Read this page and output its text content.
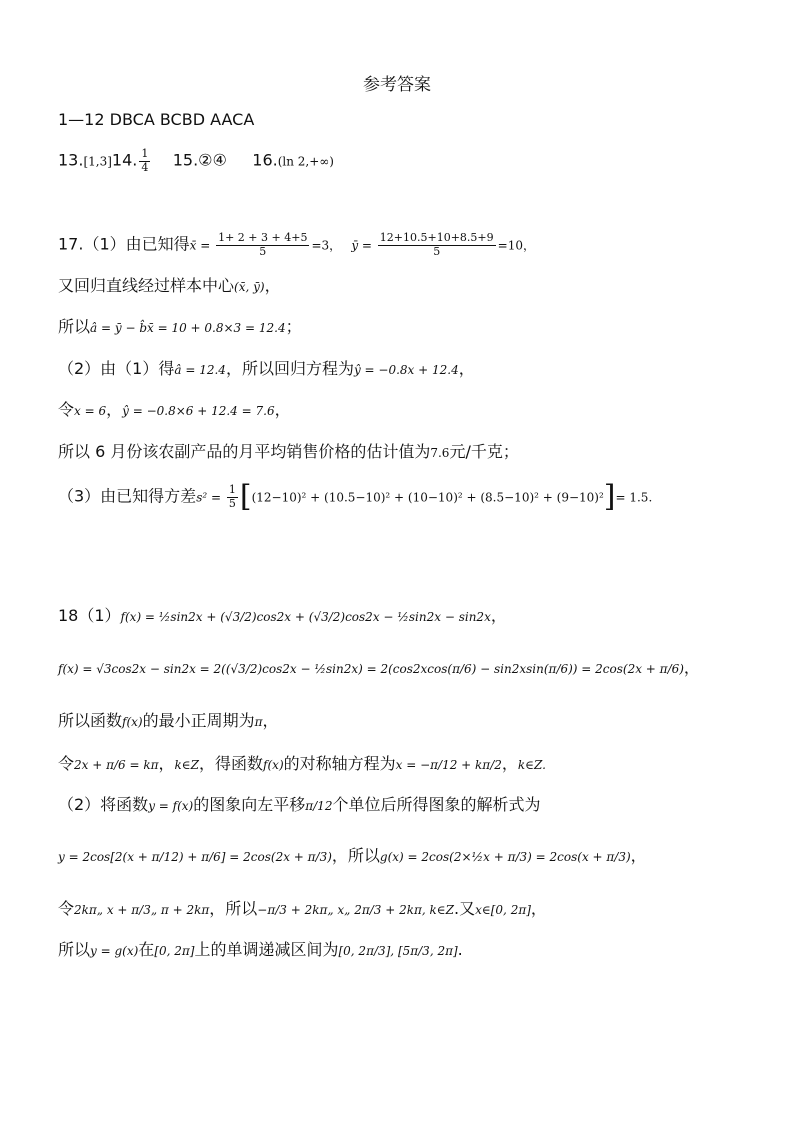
参考答案
1—12 DBCA BCBD AACA
13.[1,3]14. $\frac{1}{4}$ 15.②④ 16.(ln 2,+∞)
17.（1）由已知得x̄ = $\frac{1+ 2 + 3 + 4+5}{5} =3$， ȳ = $\frac{12+10.5+10+8.5+9}{5} =10$，
又回归直线经过样本中心(x̄, ȳ)，
所以â = ȳ − b̂x̄ = 10 + 0.8×3 = 12.4；
（2）由（1）得â = 12.4，所以回归方程为ŷ = −0.8x + 12.4，
令x = 6，ŷ = −0.8×6 + 12.4 = 7.6，
所以 6 月份该农副产品的月平均销售价格的估计值为7.6元/千克；
（3）由已知得方差$s^2 = \frac{1}{5} [(12-10)^2 + (10.5-10)^2 + (10-10)^2 + (8.5-10)^2 + (9-10)^2]= 1.5$.
18（1）f(x) = ½sin2x + (√3/2)cos2x + (√3/2)cos2x − ½sin2x − sin2x，
f(x) = √3cos2x − sin2x = 2((√3/2)cos2x − ½sin2x) = 2(cos2xcos(π/6) − sin2xsin(π/6)) = 2cos(2x + π/6)，
所以函数f(x)的最小正周期为π，
令2x + π/6 = kπ，k∈Z，得函数f(x)的对称轴方程为x = −π/12 + kπ/2，k∈Z.
（2）将函数y = f(x)的图象向左平移π/12个单位后所得图象的解析式为
y = 2cos[2(x + π/12) + π/6] = 2cos(2x + π/3)，所以g(x) = 2cos(2×½x + π/3) = 2cos(x + π/3)，
令2kπ„ x + π/3„ π + 2kπ，所以−π/3 + 2kπ„ x„ 2π/3 + 2kπ, k∈Z.又x∈[0, 2π]，
所以y = g(x)在[0, 2π]上的单调递减区间为[0, 2π/3], [5π/3, 2π].
